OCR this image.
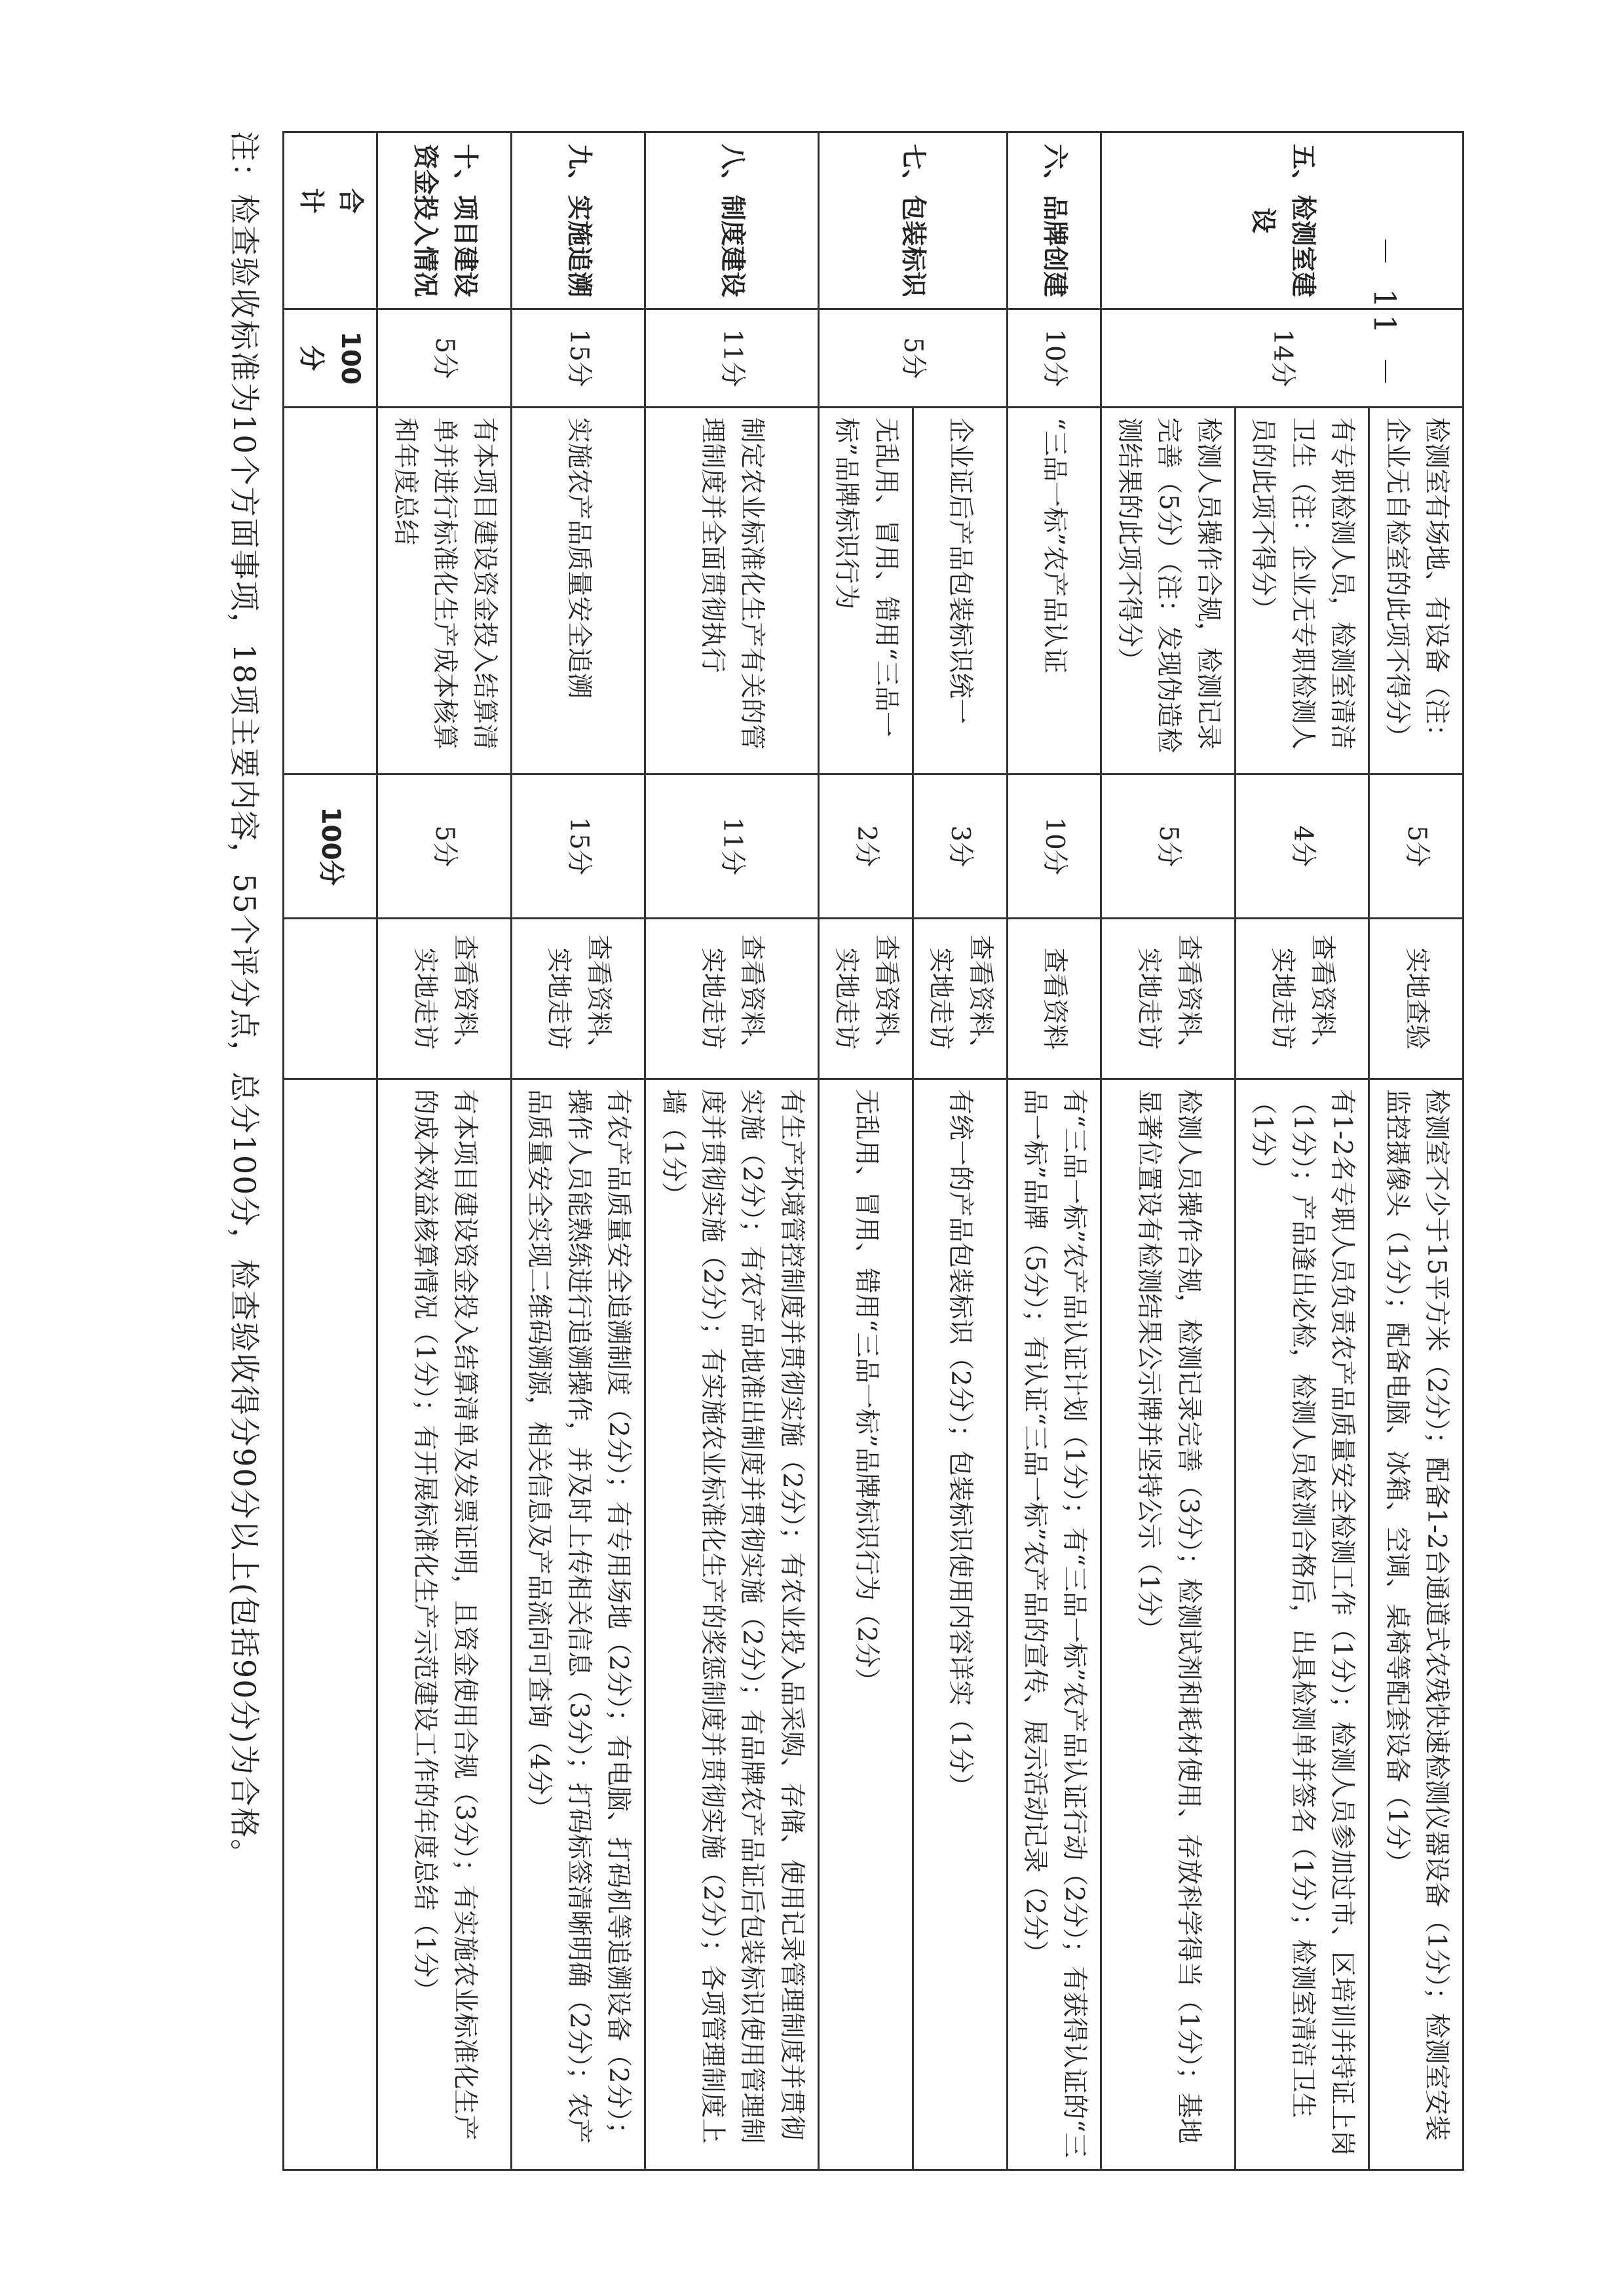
五、检测室建设	14分	检测室有场地、有设备（注：企业无自检室的此项不得分）	5分	实地查验	检测室不少于15平方米（2分）；配备1-2台通道式农残快速检测仪器设备（1分）；检测室安装监控摄像头（1分）；配备电脑、冰箱、空调、桌椅等配套设备（1分）
		有专职检测人员，检测室清洁卫生（注：企业无专职检测人员的此项不得分）	4分	查看资料、实地走访	有1-2名专职人员负责农产品质量安全检测工作（1分）；检测人员参加过市、区培训并持证上岗（1分）；产品逢出必检，检测人员检测合格后，出具检测单并签名（1分）；检测室清洁卫生（1分）
		检测人员操作合规，检测记录完善（5分）（注：发现伪造检测结果的此项不得分）	5分	查看资料、实地走访	检测人员操作合规，检测记录完善（3分）；检测试剂和耗材使用、存放科学得当（1分）；基地显著位置设有检测结果公示牌并坚持公示（1分）
六、品牌创建	10分	“三品一标”农产品认证	10分	查看资料	有“三品一标”农产品认证计划（1分）；有“三品一标”农产品认证行动（2分）；有获得认证的“三品一标”品牌（5分）；有认证“三品一标”农产品的宣传、展示活动记录（2分）
七、包装标识	5分	企业证后产品包装标识统一	3分	查看资料、实地走访	有统一的产品包装标识（2分）；包装标识使用内容详实（1分）
		无乱用、冒用、错用“三品一标”品牌标识行为	2分	查看资料、实地走访	无乱用、冒用、错用“三品一标”品牌标识行为（2分）
八、制度建设	11分	制定农业标准化生产有关的管理制度并全面贯彻执行	11分	查看资料、实地走访	有生产环境管控制度并贯彻实施（2分）；有农业投入品采购、存储、使用记录管理制度并贯彻实施（2分）；有农产品地准出制度并贯彻实施（2分）；有品牌农产品证后包装标识使用管理制度并贯彻实施（2分）；有实施农业标准化生产的奖惩制度并贯彻实施（2分）；各项管理制度上墙（1分）
九、实施追溯	15分	实施农产品质量安全追溯	15分	查看资料、实地走访	有农产品质量安全追溯制度（2分）；有专用场地（2分）；有电脑、打码机等追溯设备（2分）；操作人员能熟练进行追溯操作，并及时上传相关信息（3分）；打码标签清晰明确（2分）；农产品质量安全实现二维码溯源，相关信息及产品流向可查询（4分）
十、项目建设资金投入情况	5分	有本项目建设资金投入结算清单并进行标准化生产成本核算和年度总结	5分	查看资料、实地走访	有本项目建设资金投入结算清单及发票证明，且资金使用合规（3分）；有实施农业标准化生产的成本效益核算情况（1分）；有开展标准化生产示范建设工作的年度总结（1分）
合　计	100分		100分		
注：检查验收标准为10个方面事项，18项主要内容，55个评分点，总分100分，检查验收得分90分以上(包括90分)为合格。	－ 11 －
